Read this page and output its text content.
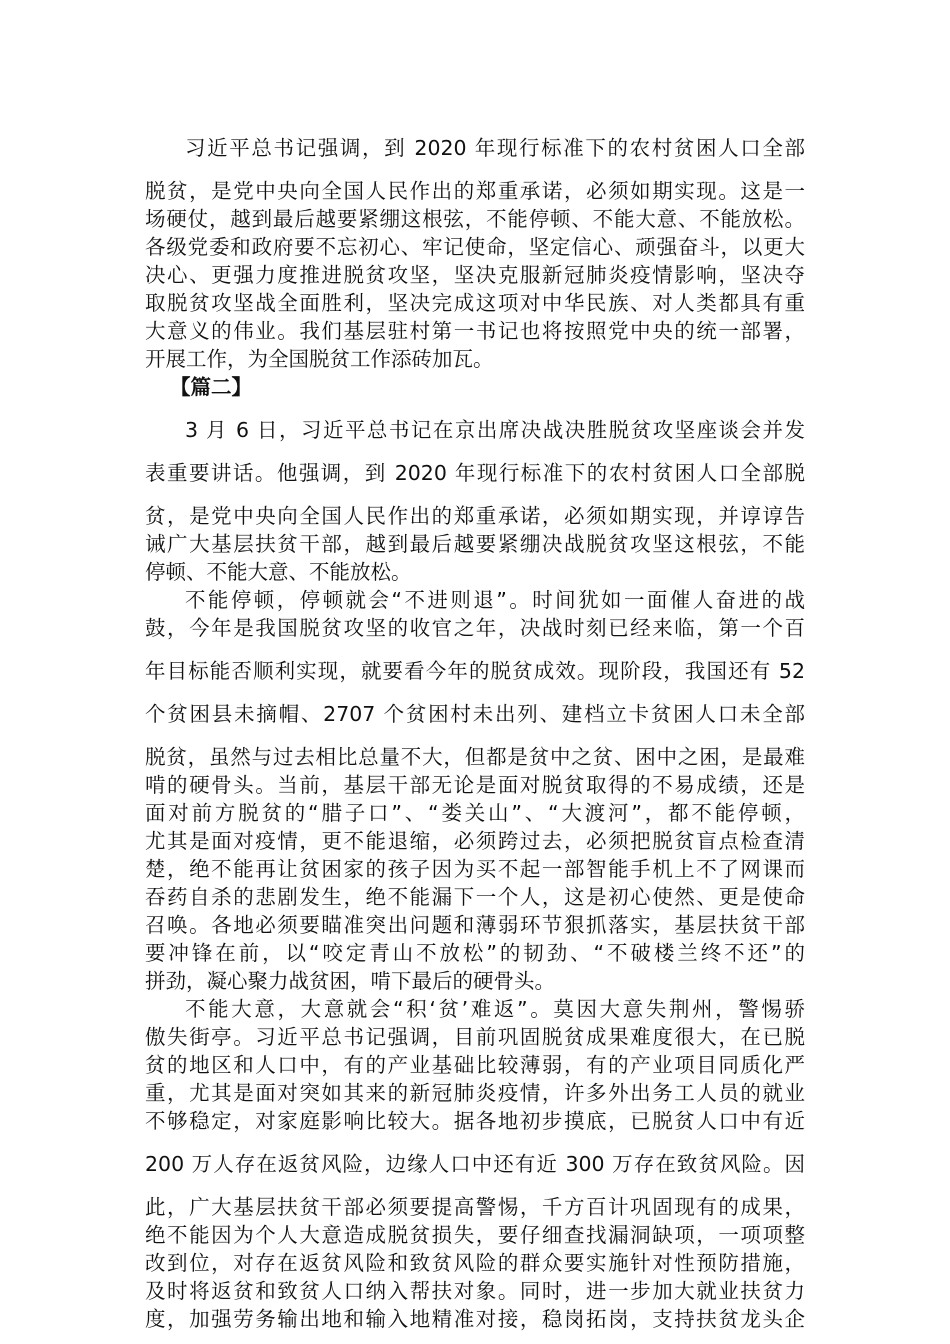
习近平总书记强调，到 2020 年现行标准下的农村贫困人口全部
脱贫，是党中央向全国人民作出的郑重承诺，必须如期实现。这是一
场硬仗，越到最后越要紧绷这根弦，不能停顿、不能大意、不能放松。
各级党委和政府要不忘初心、牢记使命，坚定信心、顽强奋斗，以更大
决心、更强力度推进脱贫攻坚，坚决克服新冠肺炎疫情影响，坚决夺
取脱贫攻坚战全面胜利，坚决完成这项对中华民族、对人类都具有重
大意义的伟业。我们基层驻村第一书记也将按照党中央的统一部署，
开展工作，为全国脱贫工作添砖加瓦。
【篇二】
3 月 6 日，习近平总书记在京出席决战决胜脱贫攻坚座谈会并发
表重要讲话。他强调，到 2020 年现行标准下的农村贫困人口全部脱
贫，是党中央向全国人民作出的郑重承诺，必须如期实现，并谆谆告
诫广大基层扶贫干部，越到最后越要紧绷决战脱贫攻坚这根弦，不能
停顿、不能大意、不能放松。
不能停顿，停顿就会“不进则退”。时间犹如一面催人奋进的战
鼓，今年是我国脱贫攻坚的收官之年，决战时刻已经来临，第一个百
年目标能否顺利实现，就要看今年的脱贫成效。现阶段，我国还有 52
个贫困县未摘帽、2707 个贫困村未出列、建档立卡贫困人口未全部
脱贫，虽然与过去相比总量不大，但都是贫中之贫、困中之困，是最难
啃的硬骨头。当前，基层干部无论是面对脱贫取得的不易成绩，还是
面对前方脱贫的“腊子口”、“娄关山”、“大渡河”，都不能停顿，
尤其是面对疫情，更不能退缩，必须跨过去，必须把脱贫盲点检查清
楚，绝不能再让贫困家的孩子因为买不起一部智能手机上不了网课而
吞药自杀的悲剧发生，绝不能漏下一个人，这是初心使然、更是使命
召唤。各地必须要瞄准突出问题和薄弱环节狠抓落实，基层扶贫干部
要冲锋在前，以“咬定青山不放松”的韧劲、“不破楼兰终不还”的
拼劲，凝心聚力战贫困，啃下最后的硬骨头。
不能大意，大意就会“积‘贫’难返”。莫因大意失荆州，警惕骄
傲失街亭。习近平总书记强调，目前巩固脱贫成果难度很大，在已脱
贫的地区和人口中，有的产业基础比较薄弱，有的产业项目同质化严
重，尤其是面对突如其来的新冠肺炎疫情，许多外出务工人员的就业
不够稳定，对家庭影响比较大。据各地初步摸底，已脱贫人口中有近
200 万人存在返贫风险，边缘人口中还有近 300 万存在致贫风险。因
此，广大基层扶贫干部必须要提高警惕，千方百计巩固现有的成果，
绝不能因为个人大意造成脱贫损失，要仔细查找漏洞缺项，一项项整
改到位，对存在返贫风险和致贫风险的群众要实施针对性预防措施，
及时将返贫和致贫人口纳入帮扶对象。同时，进一步加大就业扶贫力
度，加强劳务输出地和输入地精准对接，稳岗拓岗，支持扶贫龙头企
